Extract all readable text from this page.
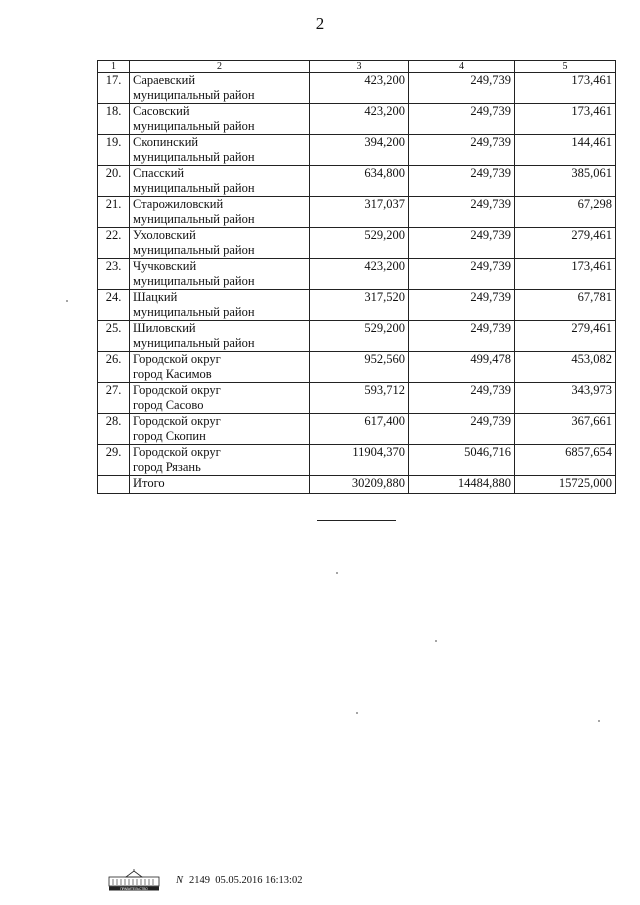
2
1	2	3	4	5
17.	Сараевский
муниципальный район	423,200	249,739	173,461
18.	Сасовский
муниципальный район	423,200	249,739	173,461
19.	Скопинский
муниципальный район	394,200	249,739	144,461
20.	Спасский
муниципальный район	634,800	249,739	385,061
21.	Старожиловский
муниципальный район	317,037	249,739	67,298
22.	Ухоловский
муниципальный район	529,200	249,739	279,461
23.	Чучковский
муниципальный район	423,200	249,739	173,461
24.	Шацкий
муниципальный район	317,520	249,739	67,781
25.	Шиловский
муниципальный район	529,200	249,739	279,461
26.	Городской округ
город Касимов	952,560	499,478	453,082
27.	Городской округ
город Сасово	593,712	249,739	343,973
28.	Городской округ
город Скопин	617,400	249,739	367,661
29.	Городской округ
город Рязань	11904,370	5046,716	6857,654
	Итого	30209,880	14484,880	15725,000
ПРАВИТЕЛЬСТВО
N 2149
05.05.2016 16:13:02
